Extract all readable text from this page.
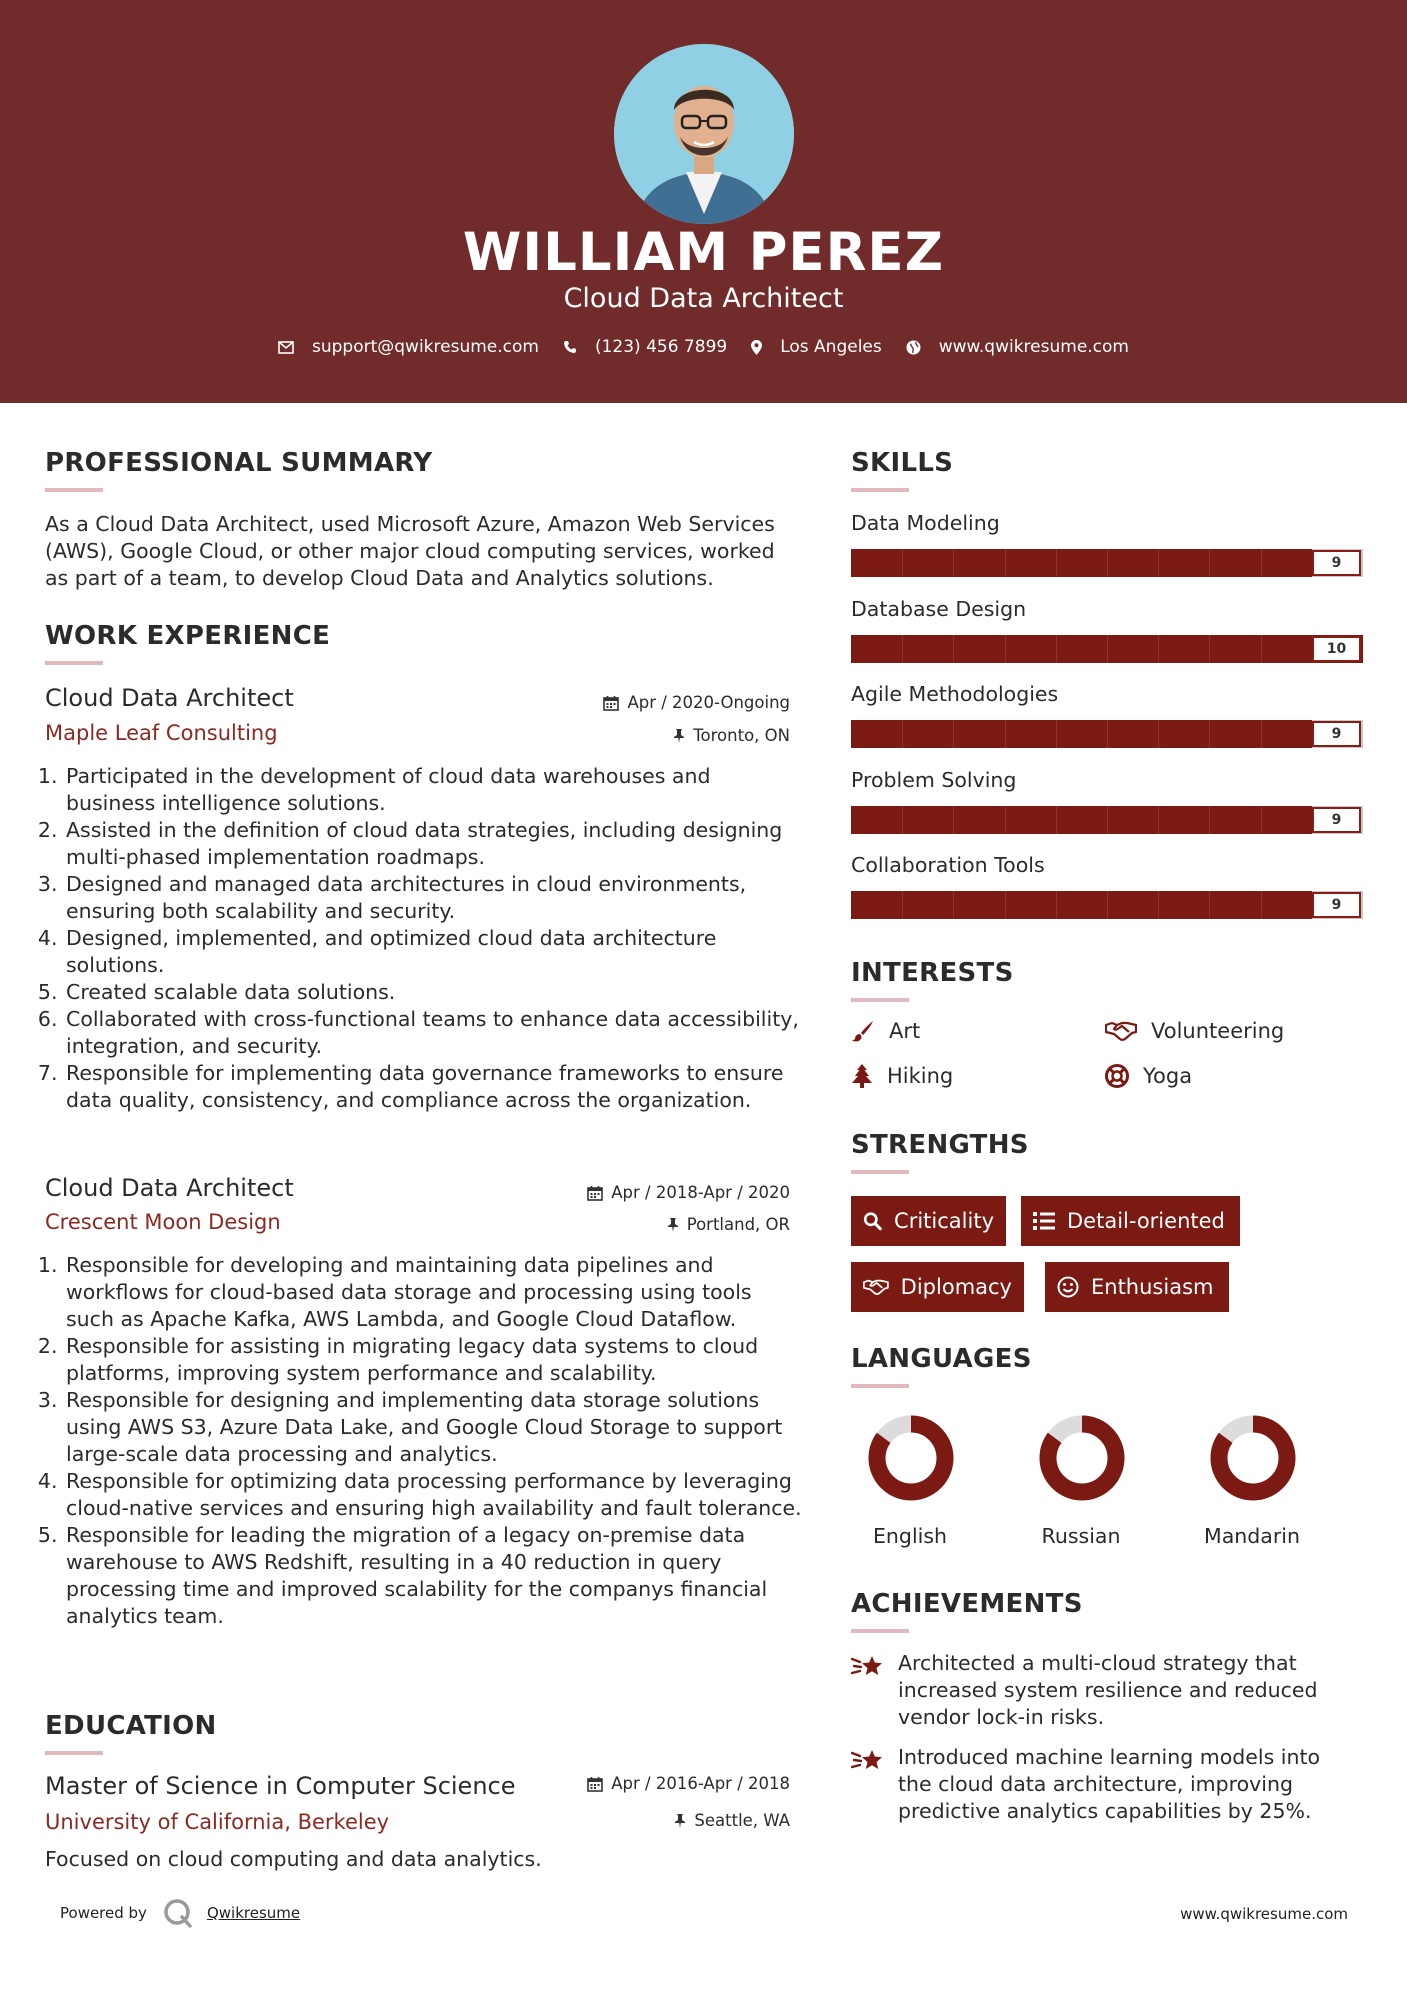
WILLIAM PEREZ
Cloud Data Architect
support@qwikresume.com	(123) 456 7899	Los Angeles	www.qwikresume.com
PROFESSIONAL SUMMARY
As a Cloud Data Architect, used Microsoft Azure, Amazon Web Services (AWS), Google Cloud, or other major cloud computing services, worked as part of a team, to develop Cloud Data and Analytics solutions.
WORK EXPERIENCE
Cloud Data Architect	Apr / 2020-Ongoing
Maple Leaf Consulting	Toronto, ON
1. Participated in the development of cloud data warehouses and business intelligence solutions.
2. Assisted in the definition of cloud data strategies, including designing multi-phased implementation roadmaps.
3. Designed and managed data architectures in cloud environments, ensuring both scalability and security.
4. Designed, implemented, and optimized cloud data architecture solutions.
5. Created scalable data solutions.
6. Collaborated with cross-functional teams to enhance data accessibility, integration, and security.
7. Responsible for implementing data governance frameworks to ensure data quality, consistency, and compliance across the organization.
Cloud Data Architect	Apr / 2018-Apr / 2020
Crescent Moon Design	Portland, OR
1. Responsible for developing and maintaining data pipelines and workflows for cloud-based data storage and processing using tools such as Apache Kafka, AWS Lambda, and Google Cloud Dataflow.
2. Responsible for assisting in migrating legacy data systems to cloud platforms, improving system performance and scalability.
3. Responsible for designing and implementing data storage solutions using AWS S3, Azure Data Lake, and Google Cloud Storage to support large-scale data processing and analytics.
4. Responsible for optimizing data processing performance by leveraging cloud-native services and ensuring high availability and fault tolerance.
5. Responsible for leading the migration of a legacy on-premise data warehouse to AWS Redshift, resulting in a 40 reduction in query processing time and improved scalability for the companys financial analytics team.
EDUCATION
Master of Science in Computer Science	Apr / 2016-Apr / 2018
University of California, Berkeley	Seattle, WA
Focused on cloud computing and data analytics.
SKILLS
Data Modeling
9
Database Design
10
Agile Methodologies
9
Problem Solving
9
Collaboration Tools
9
INTERESTS
Art	Volunteering
Hiking	Yoga
STRENGTHS
Criticality	Detail-oriented
Diplomacy	Enthusiasm
LANGUAGES
English	Russian	Mandarin
ACHIEVEMENTS
Architected a multi-cloud strategy that increased system resilience and reduced vendor lock-in risks.
Introduced machine learning models into the cloud data architecture, improving predictive analytics capabilities by 25%.
Powered by	Qwikresume	www.qwikresume.com
